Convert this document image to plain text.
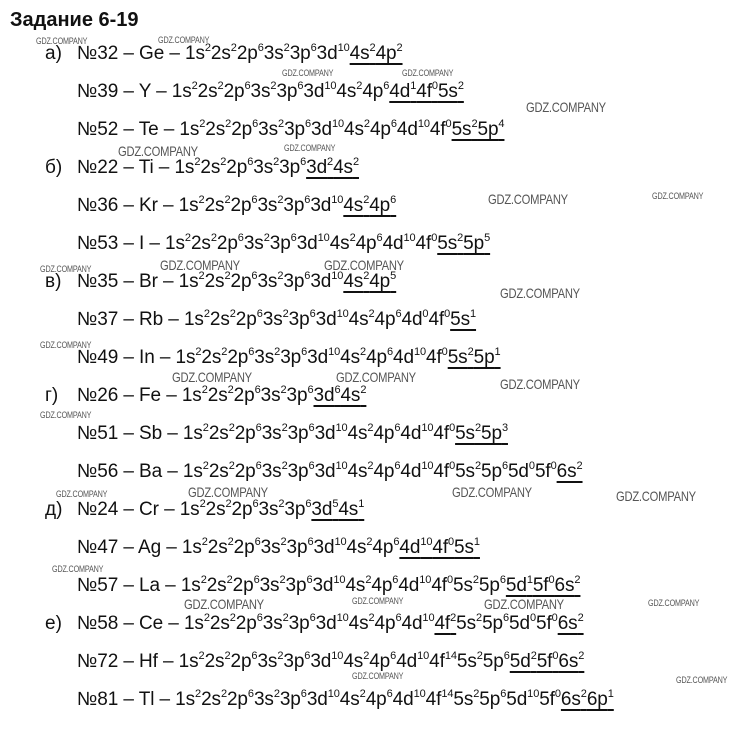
Задание 6-19
а) №32 – Ge – $1s^22s^22p^63s^23p^63d^{10}4s^24p^2$
№39 – Y – $1s^22s^22p^63s^23p^63d^{10}4s^24p^64d^14f^05s^2$
№52 – Te – $1s^22s^22p^63s^23p^63d^{10}4s^24p^64d^{10}4f^05s^25p^4$
б) №22 – Ti – $1s^22s^22p^63s^23p^63d^24s^2$
№36 – Kr – $1s^22s^22p^63s^23p^63d^{10}4s^24p^6$
№53 – I – $1s^22s^22p^63s^23p^63d^{10}4s^24p^64d^{10}4f^05s^25p^5$
в) №35 – Br – $1s^22s^22p^63s^23p^63d^{10}4s^24p^5$
№37 – Rb – $1s^22s^22p^63s^23p^63d^{10}4s^24p^64d^04f^05s^1$
№49 – In – $1s^22s^22p^63s^23p^63d^{10}4s^24p^64d^{10}4f^05s^25p^1$
г) №26 – Fe – $1s^22s^22p^63s^23p^63d^64s^2$
№51 – Sb – $1s^22s^22p^63s^23p^63d^{10}4s^24p^64d^{10}4f^05s^25p^3$
№56 – Ba – $1s^22s^22p^63s^23p^63d^{10}4s^24p^64d^{10}4f^05s^25p^65d^05f^06s^2$
д) №24 – Cr – $1s^22s^22p^63s^23p^63d^54s^1$
№47 – Ag – $1s^22s^22p^63s^23p^63d^{10}4s^24p^64d^{10}4f^05s^1$
№57 – La – $1s^22s^22p^63s^23p^63d^{10}4s^24p^64d^{10}4f^05s^25p^65d^15f^06s^2$
е) №58 – Ce – $1s^22s^22p^63s^23p^63d^{10}4s^24p^64d^{10}4f^25s^25p^65d^05f^06s^2$
№72 – Hf – $1s^22s^22p^63s^23p^63d^{10}4s^24p^64d^{10}4f^{14}5s^25p^65d^25f^06s^2$
№81 – Tl – $1s^22s^22p^63s^23p^63d^{10}4s^24p^64d^{10}4f^{14}5s^25p^65d^{10}5f^06s^26p^1$
GDZ.COMPANY	GDZ.COMPANY
GDZ.COMPANY	GDZ.COMPANY
GDZ.COMPANY
GDZ.COMPANY	GDZ.COMPANY
GDZ.COMPANY	GDZ.COMPANY
GDZ.COMPANY	GDZ.COMPANY	GDZ.COMPANY
GDZ.COMPANY
GDZ.COMPANY
GDZ.COMPANY	GDZ.COMPANY	GDZ.COMPANY
GDZ.COMPANY
GDZ.COMPANY	GDZ.COMPANY	GDZ.COMPANY	GDZ.COMPANY
GDZ.COMPANY
GDZ.COMPANY	GDZ.COMPANY	GDZ.COMPANY	GDZ.COMPANY
GDZ.COMPANY	GDZ.COMPANY
